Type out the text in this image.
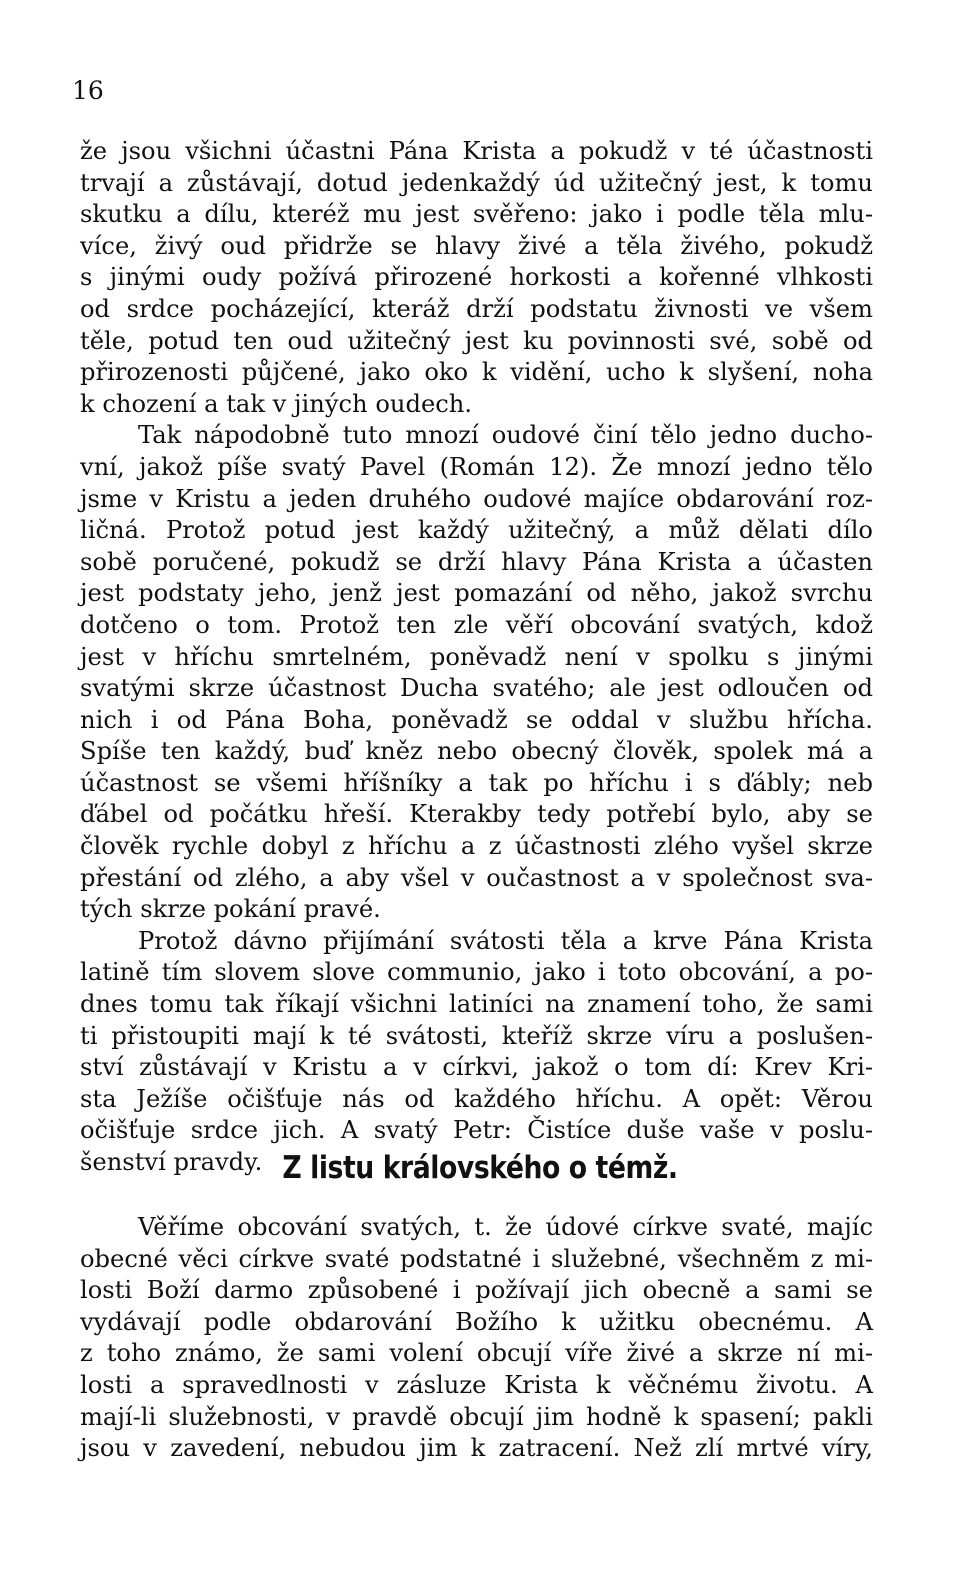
16
že jsou všichni účastni Pána Krista a pokudž v té účastnosti
trvají a zůstávají, dotud jedenkaždý úd užitečný jest, k tomu
skutku a dílu, kteréž mu jest svěřeno: jako i podle těla mlu-
více, živý oud přidrže se hlavy živé a těla živého, pokudž
s jinými oudy požívá přirozené horkosti a kořenné vlhkosti
od srdce pocházející, kteráž drží podstatu živnosti ve všem
těle, potud ten oud užitečný jest ku povinnosti své, sobě od
přirozenosti půjčené, jako oko k vidění, ucho k slyšení, noha
k chození a tak v jiných oudech.
Tak nápodobně tuto mnozí oudové činí tělo jedno ducho-
vní, jakož píše svatý Pavel (Román 12). Že mnozí jedno tělo
jsme v Kristu a jeden druhého oudové majíce obdarování roz-
ličná. Protož potud jest každý užitečný, a můž dělati dílo
sobě poručené, pokudž se drží hlavy Pána Krista a účasten
jest podstaty jeho, jenž jest pomazání od něho, jakož svrchu
dotčeno o tom. Protož ten zle věří obcování svatých, kdož
jest v hříchu smrtelném, poněvadž není v spolku s jinými
svatými skrze účastnost Ducha svatého; ale jest odloučen od
nich i od Pána Boha, poněvadž se oddal v službu hřícha.
Spíše ten každý, buď kněz nebo obecný člověk, spolek má a
účastnost se všemi hříšníky a tak po hříchu i s ďábly; neb
ďábel od počátku hřeší. Kterakby tedy potřebí bylo, aby se
člověk rychle dobyl z hříchu a z účastnosti zlého vyšel skrze
přestání od zlého, a aby všel v oučastnost a v společnost sva-
tých skrze pokání pravé.
Protož dávno přijímání svátosti těla a krve Pána Krista
latině tím slovem slove communio, jako i toto obcování, a po-
dnes tomu tak říkají všichni latiníci na znamení toho, že sami
ti přistoupiti mají k té svátosti, kteříž skrze víru a poslušen-
ství zůstávají v Kristu a v církvi, jakož o tom dí: Krev Kri-
sta Ježíše očišťuje nás od každého hříchu. A opět: Věrou
očišťuje srdce jich. A svatý Petr: Čistíce duše vaše v poslu-
šenství pravdy. Z listu královského o témž.
Věříme obcování svatých, t. že údové církve svaté, majíc
obecné věci církve svaté podstatné i služebné, všechněm z mi-
losti Boží darmo způsobené i požívají jich obecně a sami se
vydávají podle obdarování Božího k užitku obecnému. A
z toho známo, že sami volení obcují víře živé a skrze ní mi-
losti a spravedlnosti v zásluze Krista k věčnému životu. A
mají-li služebnosti, v pravdě obcují jim hodně k spasení; pakli
jsou v zavedení, nebudou jim k zatracení. Než zlí mrtvé víry,
